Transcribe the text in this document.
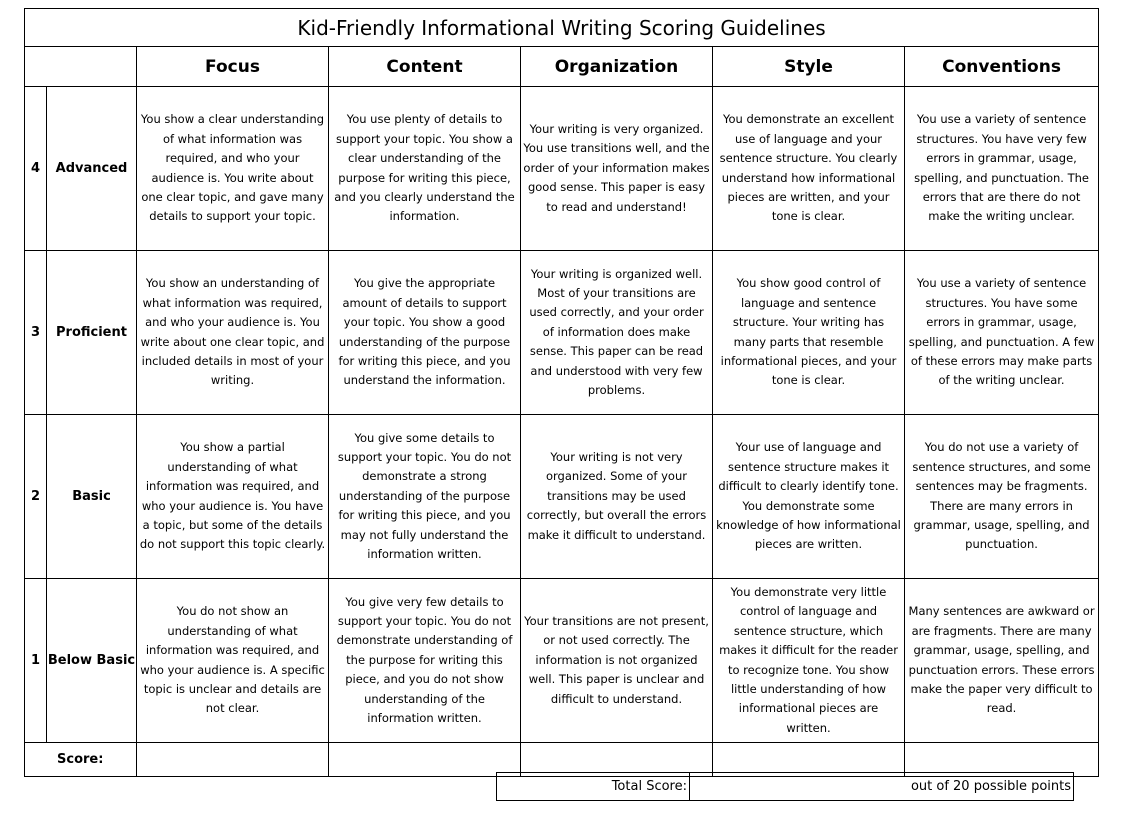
Kid-Friendly Informational Writing Scoring Guidelines						
		Focus	Content	Organization	Style	Conventions
4	Advanced	You show a clear understanding of what information was required, and who your audience is. You write about one clear topic, and gave many details to support your topic.	You use plenty of details to support your topic. You show a clear understanding of the purpose for writing this piece, and you clearly understand the information.	Your writing is very organized. You use transitions well, and the order of your information makes good sense. This paper is easy to read and understand!	You demonstrate an excellent use of language and your sentence structure. You clearly understand how informational pieces are written, and your tone is clear.	You use a variety of sentence structures. You have very few errors in grammar, usage, spelling, and punctuation. The errors that are there do not make the writing unclear.
3	Proficient	You show an understanding of what information was required, and who your audience is. You write about one clear topic, and included details in most of your writing.	You give the appropriate amount of details to support your topic. You show a good understanding of the purpose for writing this piece, and you understand the information.	Your writing is organized well. Most of your transitions are used correctly, and your order of information does make sense. This paper can be read and understood with very few problems.	You show good control of language and sentence structure. Your writing has many parts that resemble informational pieces, and your tone is clear.	You use a variety of sentence structures. You have some errors in grammar, usage, spelling, and punctuation. A few of these errors may make parts of the writing unclear.
2	Basic	You show a partial understanding of what information was required, and who your audience is. You have a topic, but some of the details do not support this topic clearly.	You give some details to support your topic. You do not demonstrate a strong understanding of the purpose for writing this piece, and you may not fully understand the information written.	Your writing is not very organized. Some of your transitions may be used correctly, but overall the errors make it difficult to understand.	Your use of language and sentence structure makes it difficult to clearly identify tone. You demonstrate some knowledge of how informational pieces are written.	You do not use a variety of sentence structures, and some sentences may be fragments. There are many errors in grammar, usage, spelling, and punctuation.
1	Below Basic	You do not show an understanding of what information was required, and who your audience is. A specific topic is unclear and details are not clear.	You give very few details to support your topic. You do not demonstrate understanding of the purpose for writing this piece, and you do not show understanding of the information written.	Your transitions are not present, or not used correctly. The information is not organized well. This paper is unclear and difficult to understand.	You demonstrate very little control of language and sentence structure, which makes it difficult for the reader to recognize tone. You show little understanding of how informational pieces are written.	Many sentences are awkward or are fragments. There are many grammar, usage, spelling, and punctuation errors. These errors make the paper very difficult to read.
Score:						
Total Score:	out of 20 possible points
